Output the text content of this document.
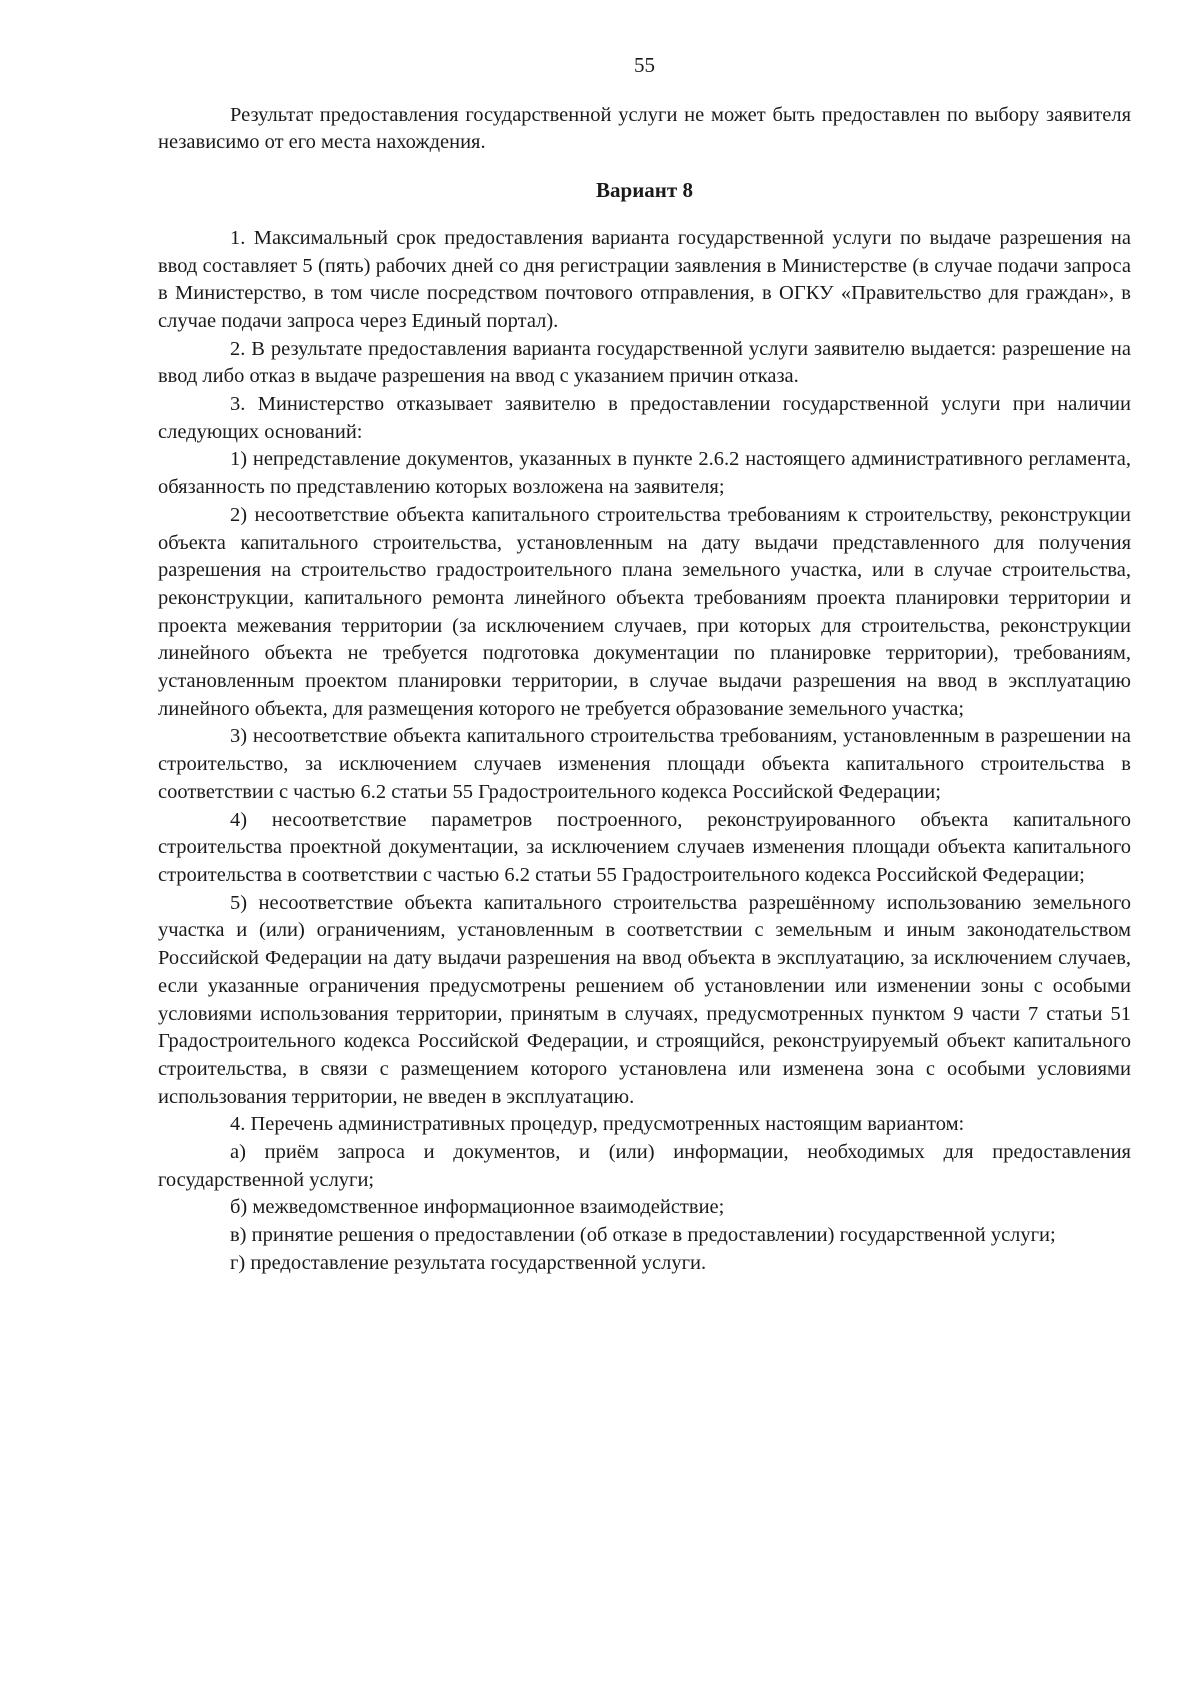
55

Результат предоставления государственной услуги не может быть предоставлен по выбору заявителя независимо от его места нахождения.

Вариант 8

1. Максимальный срок предоставления варианта государственной услуги по выдаче разрешения на ввод составляет 5 (пять) рабочих дней со дня регистрации заявления в Министерстве (в случае подачи запроса в Министерство, в том числе посредством почтового отправления, в ОГКУ «Правительство для граждан», в случае подачи запроса через Единый портал).

2. В результате предоставления варианта государственной услуги заявителю выдается: разрешение на ввод либо отказ в выдаче разрешения на ввод с указанием причин отказа.

3. Министерство отказывает заявителю в предоставлении государственной услуги при наличии следующих оснований:

1) непредставление документов, указанных в пункте 2.6.2 настоящего административного регламента, обязанность по представлению которых возложена на заявителя;

2) несоответствие объекта капитального строительства требованиям к строительству, реконструкции объекта капитального строительства, установленным на дату выдачи представленного для получения разрешения на строительство градостроительного плана земельного участка, или в случае строительства, реконструкции, капитального ремонта линейного объекта требованиям проекта планировки территории и проекта межевания территории (за исключением случаев, при которых для строительства, реконструкции линейного объекта не требуется подготовка документации по планировке территории), требованиям, установленным проектом планировки территории, в случае выдачи разрешения на ввод в эксплуатацию линейного объекта, для размещения которого не требуется образование земельного участка;

3) несоответствие объекта капитального строительства требованиям, установленным в разрешении на строительство, за исключением случаев изменения площади объекта капитального строительства в соответствии с частью 6.2 статьи 55 Градостроительного кодекса Российской Федерации;

4) несоответствие параметров построенного, реконструированного объекта капитального строительства проектной документации, за исключением случаев изменения площади объекта капитального строительства в соответствии с частью 6.2 статьи 55 Градостроительного кодекса Российской Федерации;

5) несоответствие объекта капитального строительства разрешённому использованию земельного участка и (или) ограничениям, установленным в соответствии с земельным и иным законодательством Российской Федерации на дату выдачи разрешения на ввод объекта в эксплуатацию, за исключением случаев, если указанные ограничения предусмотрены решением об установлении или изменении зоны с особыми условиями использования территории, принятым в случаях, предусмотренных пунктом 9 части 7 статьи 51 Градостроительного кодекса Российской Федерации, и строящийся, реконструируемый объект капитального строительства, в связи с размещением которого установлена или изменена зона с особыми условиями использования территории, не введен в эксплуатацию.

4. Перечень административных процедур, предусмотренных настоящим вариантом:

а) приём запроса и документов, и (или) информации, необходимых для предоставления государственной услуги;

б) межведомственное информационное взаимодействие;

в) принятие решения о предоставлении (об отказе в предоставлении) государственной услуги;

г) предоставление результата государственной услуги.
